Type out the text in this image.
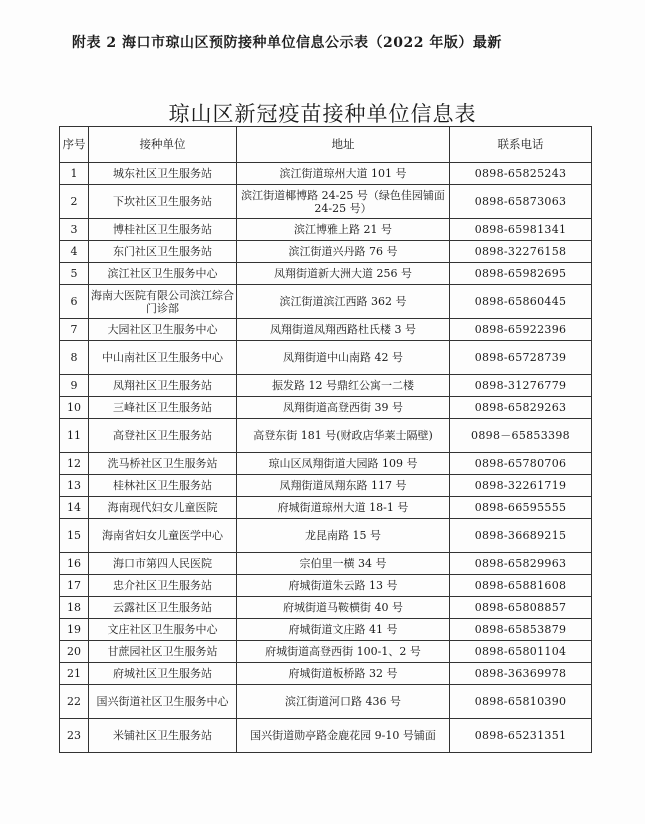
附表 2 海口市琼山区预防接种单位信息公示表（2022 年版）最新
琼山区新冠疫苗接种单位信息表
序号	接种单位	地址	联系电话
1	城东社区卫生服务站	滨江街道琼州大道 101 号	0898-65825243
2	下坎社区卫生服务站	滨江街道椰博路 24-25 号（绿色佳园铺面 24-25 号）	0898-65873063
3	博桂社区卫生服务站	滨江博雅上路 21 号	0898-65981341
4	东门社区卫生服务站	滨江街道兴丹路 76 号	0898-32276158
5	滨江社区卫生服务中心	凤翔街道新大洲大道 256 号	0898-65982695
6	海南大医院有限公司滨江综合门诊部	滨江街道滨江西路 362 号	0898-65860445
7	大园社区卫生服务中心	凤翔街道凤翔西路杜氏楼 3 号	0898-65922396
8	中山南社区卫生服务中心	凤翔街道中山南路 42 号	0898-65728739
9	凤翔社区卫生服务站	振发路 12 号鼎红公寓一二楼	0898-31276779
10	三峰社区卫生服务站	凤翔街道高登西街 39 号	0898-65829263
11	高登社区卫生服务站	高登东街 181 号(财政店华莱士隔壁)	0898－65853398
12	洗马桥社区卫生服务站	琼山区凤翔街道大园路 109 号	0898-65780706
13	桂林社区卫生服务站	凤翔街道凤翔东路 117 号	0898-32261719
14	海南现代妇女儿童医院	府城街道琼州大道 18-1 号	0898-66595555
15	海南省妇女儿童医学中心	龙昆南路 15 号	0898-36689215
16	海口市第四人民医院	宗伯里一横 34 号	0898-65829963
17	忠介社区卫生服务站	府城街道朱云路 13 号	0898-65881608
18	云露社区卫生服务站	府城街道马鞍横街 40 号	0898-65808857
19	文庄社区卫生服务中心	府城街道文庄路 41 号	0898-65853879
20	甘蔗园社区卫生服务站	府城街道高登西街 100-1、2 号	0898-65801104
21	府城社区卫生服务站	府城街道板桥路 32 号	0898-36369978
22	国兴街道社区卫生服务中心	滨江街道河口路 436 号	0898-65810390
23	米铺社区卫生服务站	国兴街道勋亭路金鹿花园 9-10 号铺面	0898-65231351
